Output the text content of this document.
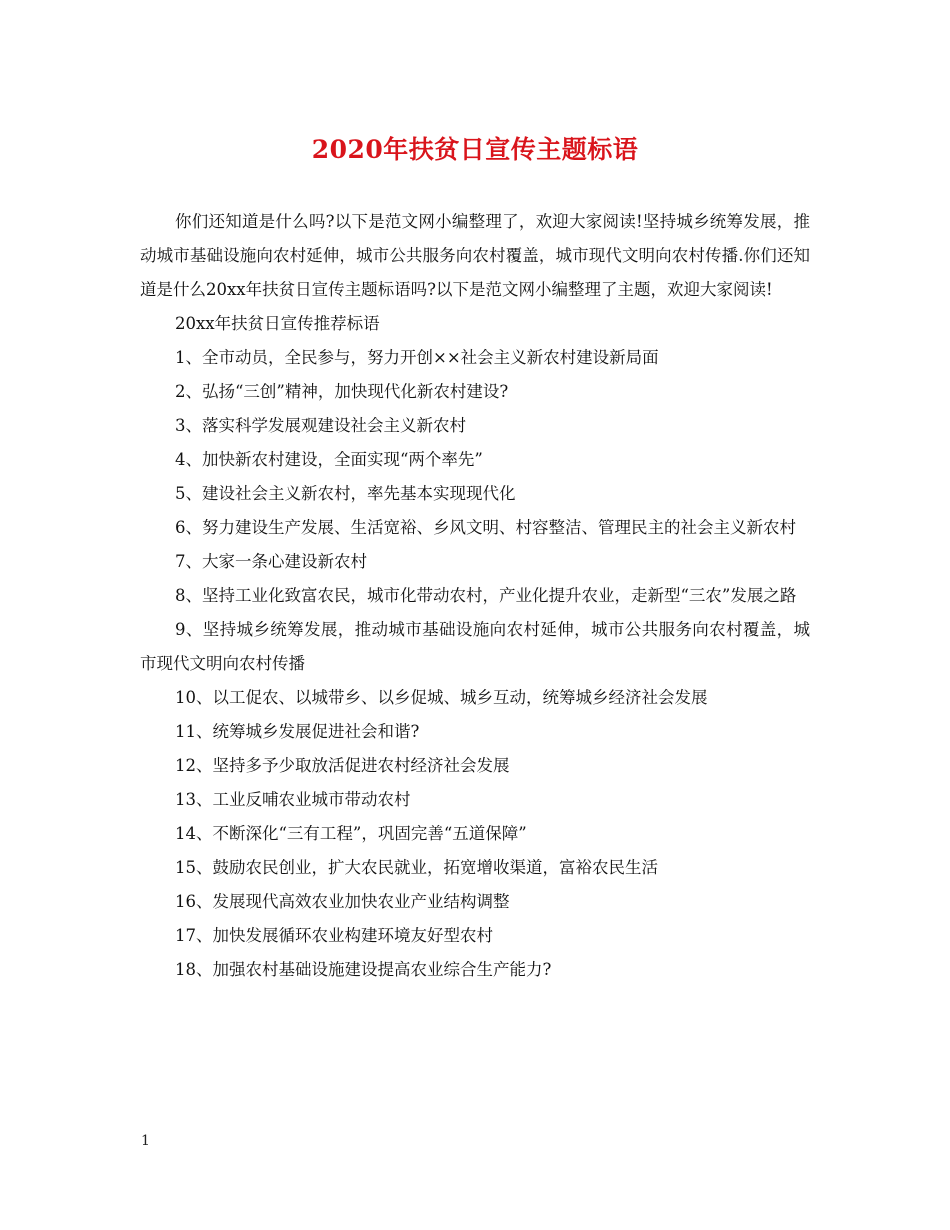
2020年扶贫日宣传主题标语

你们还知道是什么吗?以下是范文网小编整理了，欢迎大家阅读!坚持城乡统筹发展，推动城市基础设施向农村延伸，城市公共服务向农村覆盖，城市现代文明向农村传播.你们还知道是什么20xx年扶贫日宣传主题标语吗?以下是范文网小编整理了主题，欢迎大家阅读!

20xx年扶贫日宣传推荐标语

1、全市动员，全民参与，努力开创××社会主义新农村建设新局面

2、弘扬“三创”精神，加快现代化新农村建设?

3、落实科学发展观建设社会主义新农村

4、加快新农村建设，全面实现“两个率先”

5、建设社会主义新农村，率先基本实现现代化

6、努力建设生产发展、生活宽裕、乡风文明、村容整洁、管理民主的社会主义新农村

7、大家一条心建设新农村

8、坚持工业化致富农民，城市化带动农村，产业化提升农业，走新型“三农”发展之路

9、坚持城乡统筹发展，推动城市基础设施向农村延伸，城市公共服务向农村覆盖，城市现代文明向农村传播

10、以工促农、以城带乡、以乡促城、城乡互动，统筹城乡经济社会发展

11、统筹城乡发展促进社会和谐?

12、坚持多予少取放活促进农村经济社会发展

13、工业反哺农业城市带动农村

14、不断深化“三有工程”，巩固完善“五道保障”

15、鼓励农民创业，扩大农民就业，拓宽增收渠道，富裕农民生活

16、发展现代高效农业加快农业产业结构调整

17、加快发展循环农业构建环境友好型农村

18、加强农村基础设施建设提高农业综合生产能力?

1
